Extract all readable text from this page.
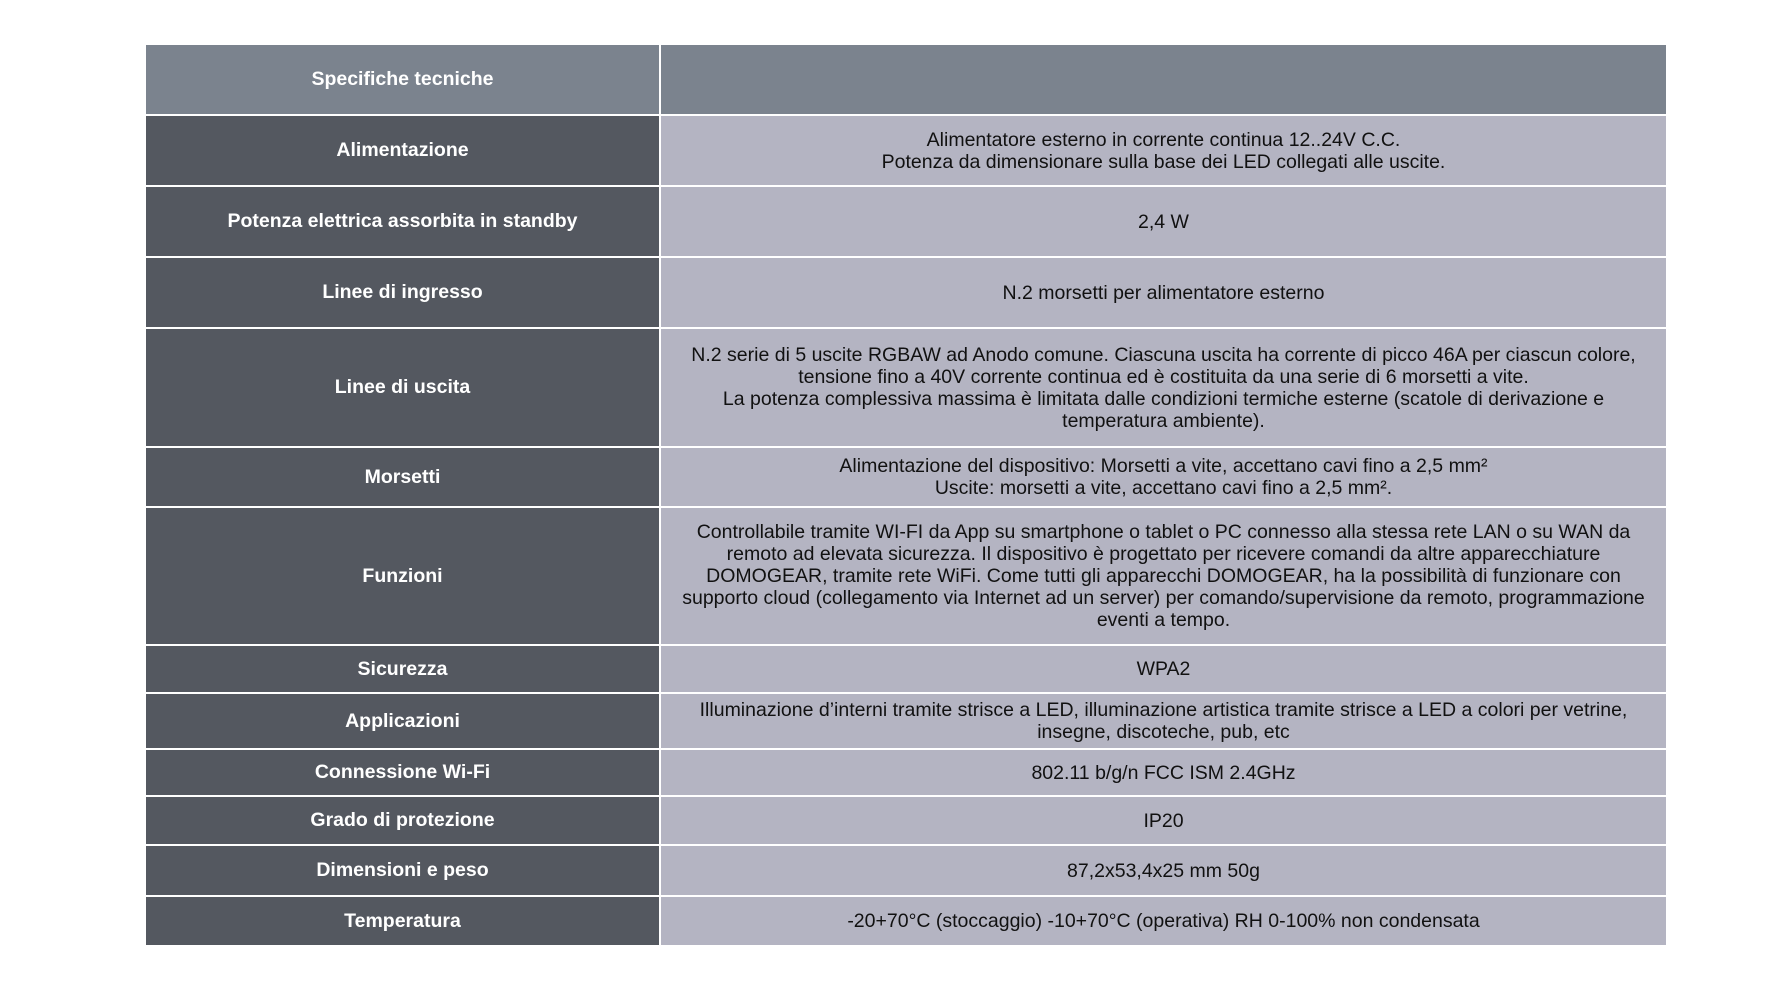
Specifiche tecniche	
Alimentazione	Alimentatore esterno in corrente continua 12..24V C.C.
Potenza da dimensionare sulla base dei LED collegati alle uscite.

Potenza elettrica assorbita in standby	2,4 W

Linee di ingresso	N.2 morsetti per alimentatore esterno

Linee di uscita	N.2 serie di 5 uscite RGBAW ad Anodo comune. Ciascuna uscita ha corrente di picco 46A per ciascun colore, tensione fino a 40V corrente continua ed è costituita da una serie di 6 morsetti a vite.
La potenza complessiva massima è limitata dalle condizioni termiche esterne (scatole di derivazione e temperatura ambiente).

Morsetti	Alimentazione del dispositivo: Morsetti a vite, accettano cavi fino a 2,5 mm²
Uscite: morsetti a vite, accettano cavi fino a 2,5 mm².

Funzioni	Controllabile tramite WI-FI da App su smartphone o tablet o PC connesso alla stessa rete LAN o su WAN da remoto ad elevata sicurezza. Il dispositivo è progettato per ricevere comandi da altre apparecchiature DOMOGEAR, tramite rete WiFi. Come tutti gli apparecchi DOMOGEAR, ha la possibilità di funzionare con supporto cloud (collegamento via Internet ad un server) per comando/supervisione da remoto, programmazione eventi a tempo.

Sicurezza	WPA2

Applicazioni	Illuminazione d’interni tramite strisce a LED, illuminazione artistica tramite strisce a LED a colori per vetrine, insegne, discoteche, pub, etc

Connessione Wi-Fi	802.11 b/g/n FCC ISM 2.4GHz

Grado di protezione	IP20

Dimensioni e peso	87,2x53,4x25 mm 50g

Temperatura	-20+70°C (stoccaggio) -10+70°C (operativa) RH 0-100% non condensata
